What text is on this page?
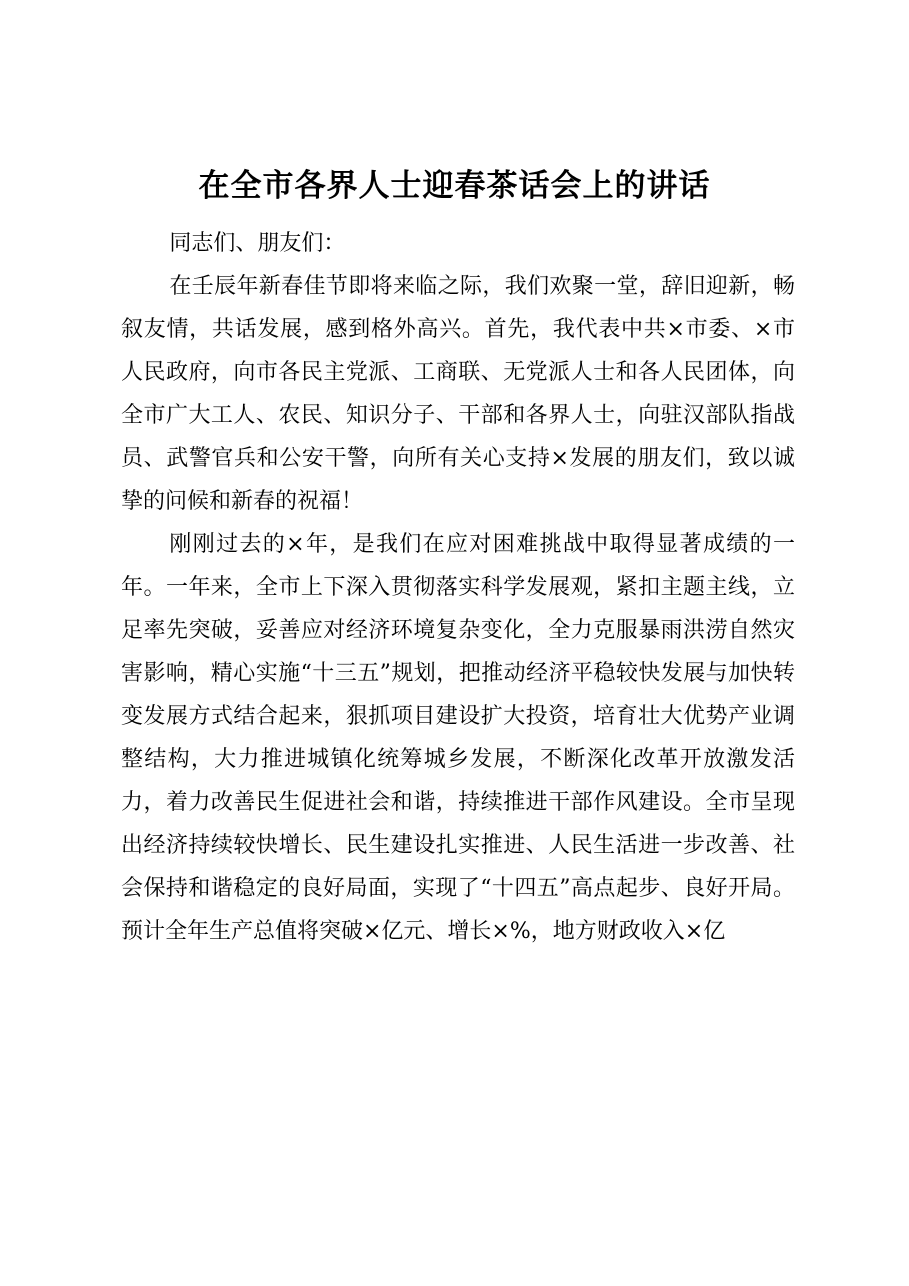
在全市各界人士迎春茶话会上的讲话

同志们、朋友们：

在壬辰年新春佳节即将来临之际，我们欢聚一堂，辞旧迎新，畅叙友情，共话发展，感到格外高兴。首先，我代表中共×市委、×市人民政府，向市各民主党派、工商联、无党派人士和各人民团体，向全市广大工人、农民、知识分子、干部和各界人士，向驻汉部队指战员、武警官兵和公安干警，向所有关心支持×发展的朋友们，致以诚挚的问候和新春的祝福！

刚刚过去的×年，是我们在应对困难挑战中取得显著成绩的一年。一年来，全市上下深入贯彻落实科学发展观，紧扣主题主线，立足率先突破，妥善应对经济环境复杂变化，全力克服暴雨洪涝自然灾害影响，精心实施“十三五”规划，把推动经济平稳较快发展与加快转变发展方式结合起来，狠抓项目建设扩大投资，培育壮大优势产业调整结构，大力推进城镇化统筹城乡发展，不断深化改革开放激发活力，着力改善民生促进社会和谐，持续推进干部作风建设。全市呈现出经济持续较快增长、民生建设扎实推进、人民生活进一步改善、社会保持和谐稳定的良好局面，实现了“十四五”高点起步、良好开局。预计全年生产总值将突破×亿元、增长×%，地方财政收入×亿
